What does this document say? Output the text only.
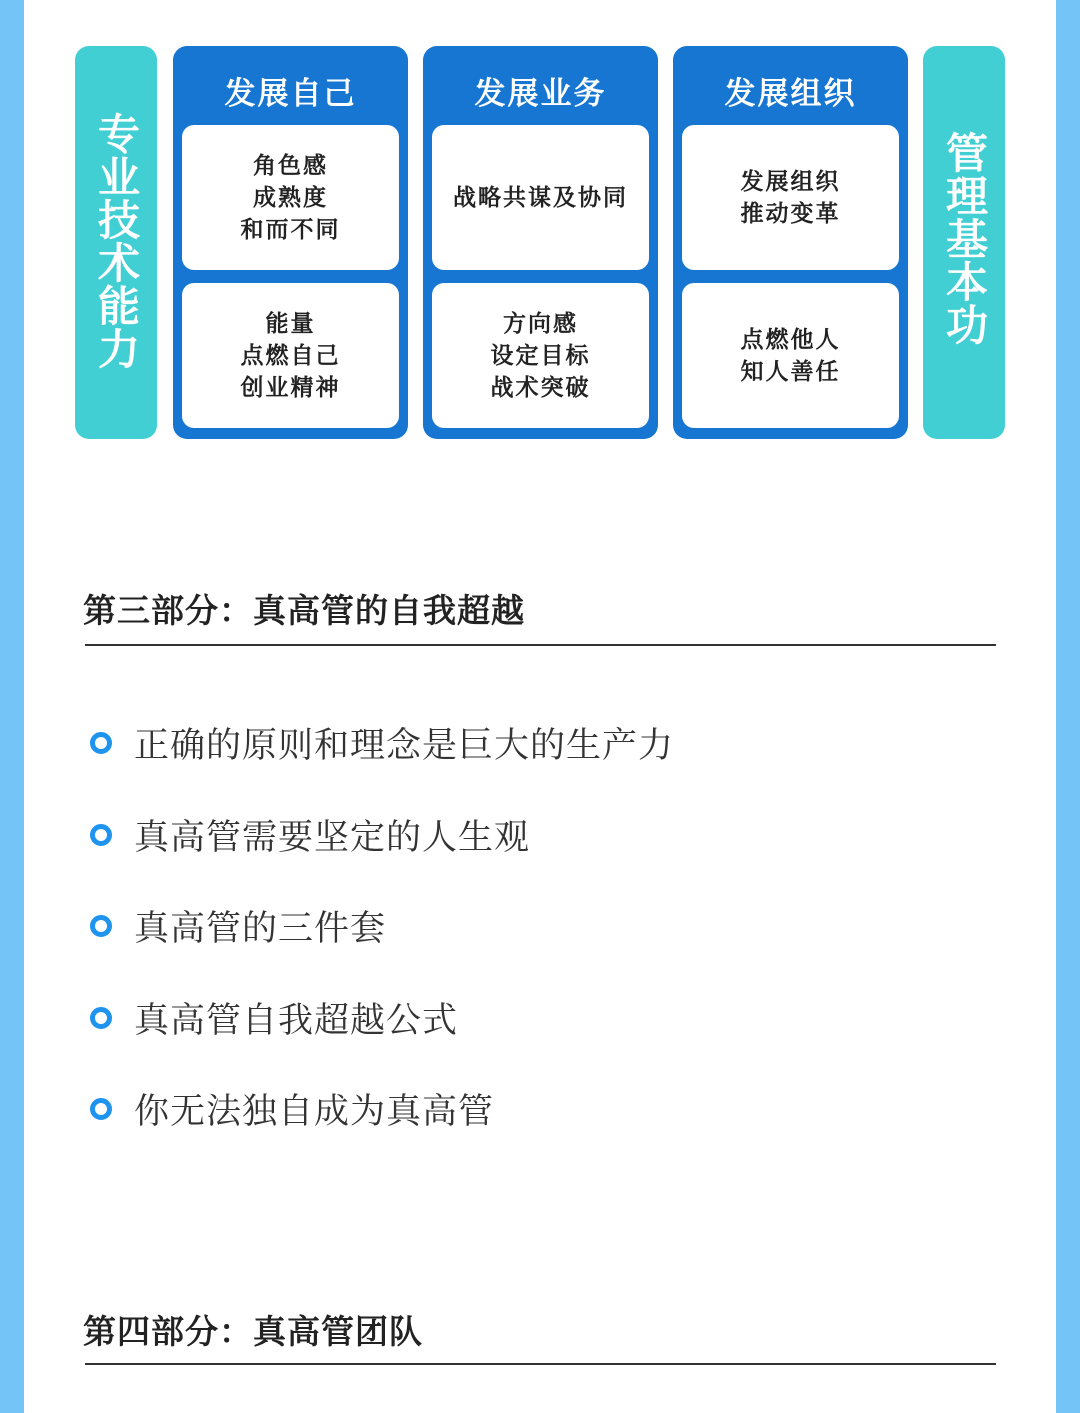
专业技术能力
发展自己
角色感
成熟度
和而不同
能量
点燃自己
创业精神
发展业务
战略共谋及协同
方向感
设定目标
战术突破
发展组织
发展组织
推动变革
点燃他人
知人善任
管理基本功
第三部分：真高管的自我超越
正确的原则和理念是巨大的生产力
真高管需要坚定的人生观
真高管的三件套
真高管自我超越公式
你无法独自成为真高管
第四部分：真高管团队
